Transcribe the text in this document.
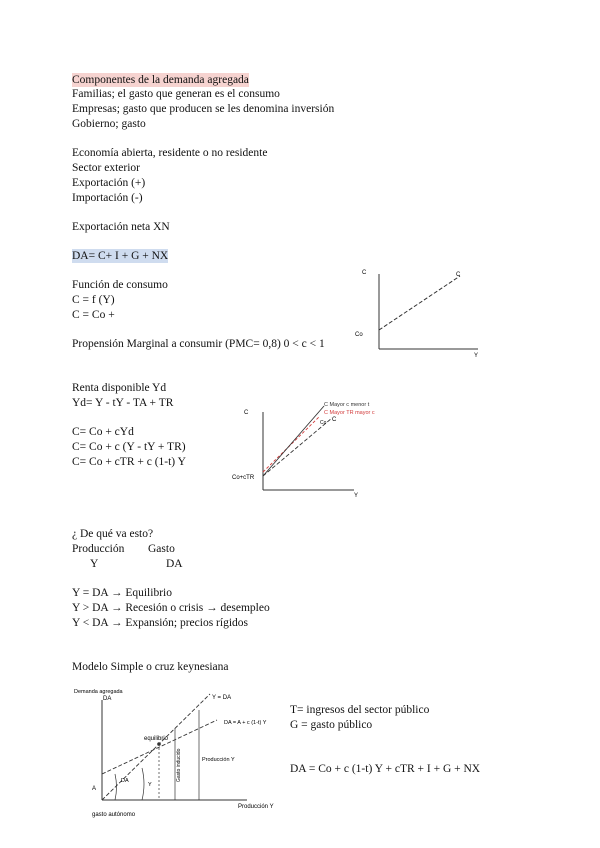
Componentes de la demanda agregada
Familias; el gasto que generan es el consumo
Empresas; gasto que producen se les denomina inversión
Gobierno; gasto
Economía abierta, residente o no residente
Sector exterior
Exportación (+)
Importación (-)
Exportación neta XN
DA= C+ I + G + NX
Función de consumo
C = f (Y)
C = Co +
Propensión Marginal a consumir (PMC= 0,8) 0 < c < 1
Renta disponible Yd
Yd= Y - tY - TA + TR
C= Co + cYd
C= Co + c (Y - tY + TR)
C= Co + cTR + c (1-t) Y
¿ De qué va esto?
Producción Gasto
Y	DA
Y = DA → Equilibrio
Y > DA → Recesión o crisis → desempleo
Y < DA → Expansión; precios rígidos
Modelo Simple o cruz keynesiana
T= ingresos del sector público
G = gasto público
DA = Co + c (1-t) Y + cTR + I + G + NX
C
Y
Co
C
C
Y
Co+cTR
C Mayor c menor t
C Mayor TR mayor c
C
Co
Demanda agregada
DA	Y = DA
DA = A + c (1-t) Y
equilibrio
A
DA
Y
Gasto inducido	Producción Y
Producción Y
gasto autónomo
